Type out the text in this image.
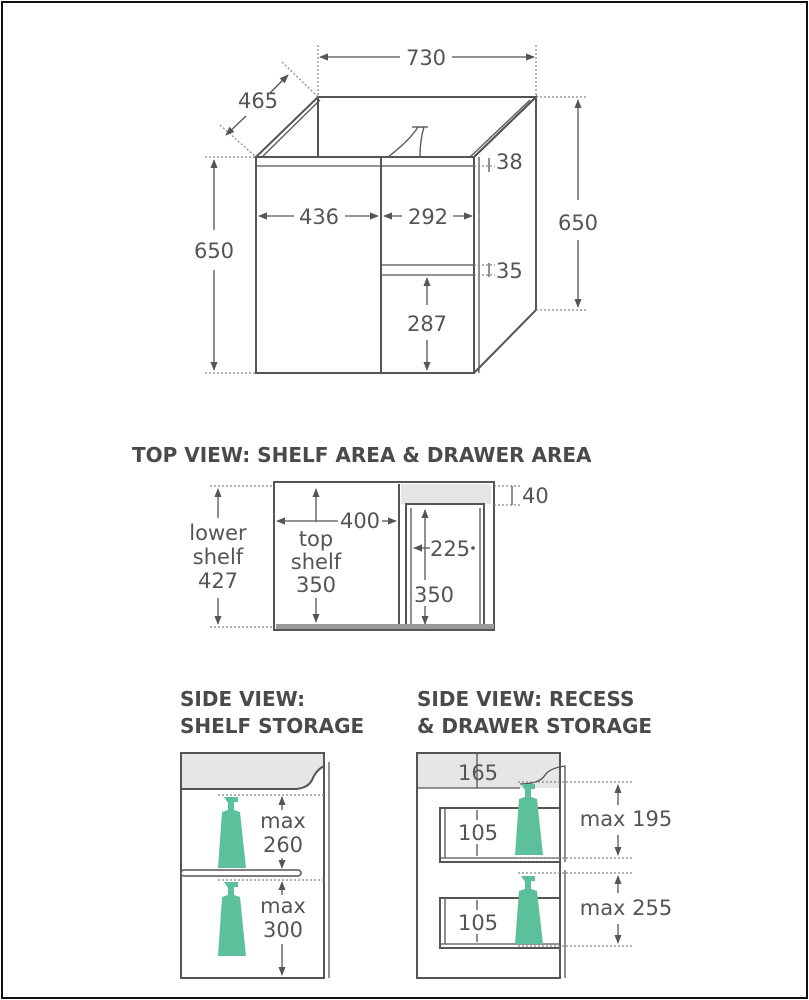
730
465
650
650
436	292
38
35
287
TOP VIEW: SHELF AREA & DRAWER AREA
lower
shelf
427
top
shelf
350
400
225
350
40
SIDE VIEW:
SHELF STORAGE
max
260
max
300
SIDE VIEW: RECESS
& DRAWER STORAGE
165
105
105
max 195
max 255
